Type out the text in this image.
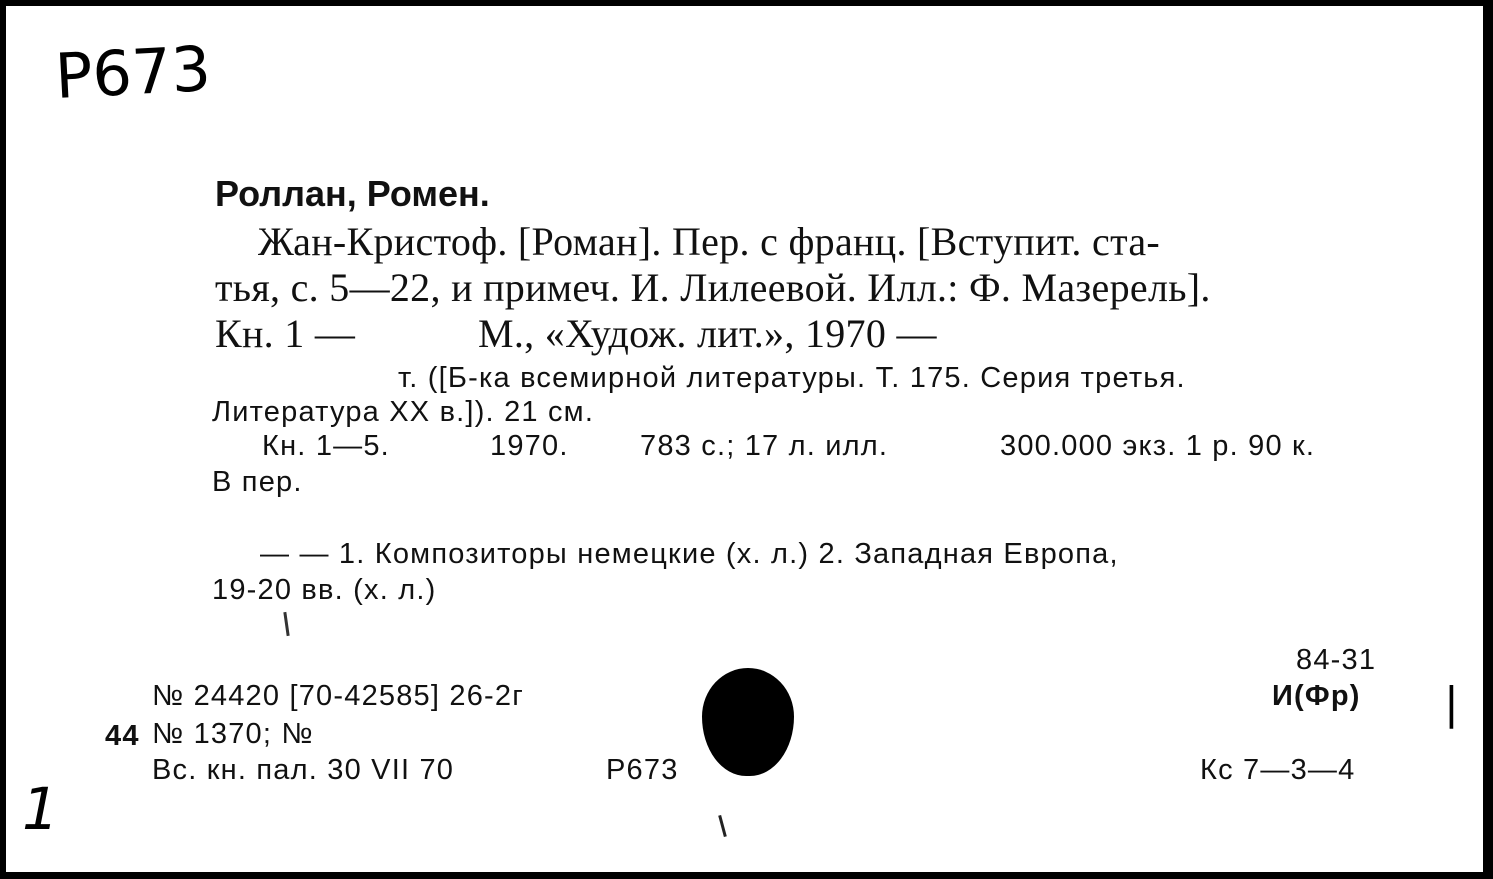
P673
Роллан, Ромен.
Жан-Кристоф. [Роман]. Пер. с франц. [Вступит. ста-
тья, с. 5—22, и примеч. И. Лилеевой. Илл.: Ф. Мазерель].
Кн. 1 —	М., «Худож. лит.», 1970 —
т. ([Б-ка всемирной литературы. Т. 175. Серия третья.
Литература XX в.]). 21 см.
Кн. 1—5.	1970. 783 с.; 17 л. илл.	300.000 экз. 1 р. 90 к.
В пер.
— — 1. Композиторы немецкие (х. л.) 2. Западная Европа,
19-20 вв. (х. л.)
44
№ 24420 [70-42585] 26-2г
№ 1370; №
Вс. кн. пал. 30 VII 70	P673
84-31
И(Фр)
Кс 7—3—4
1
|
